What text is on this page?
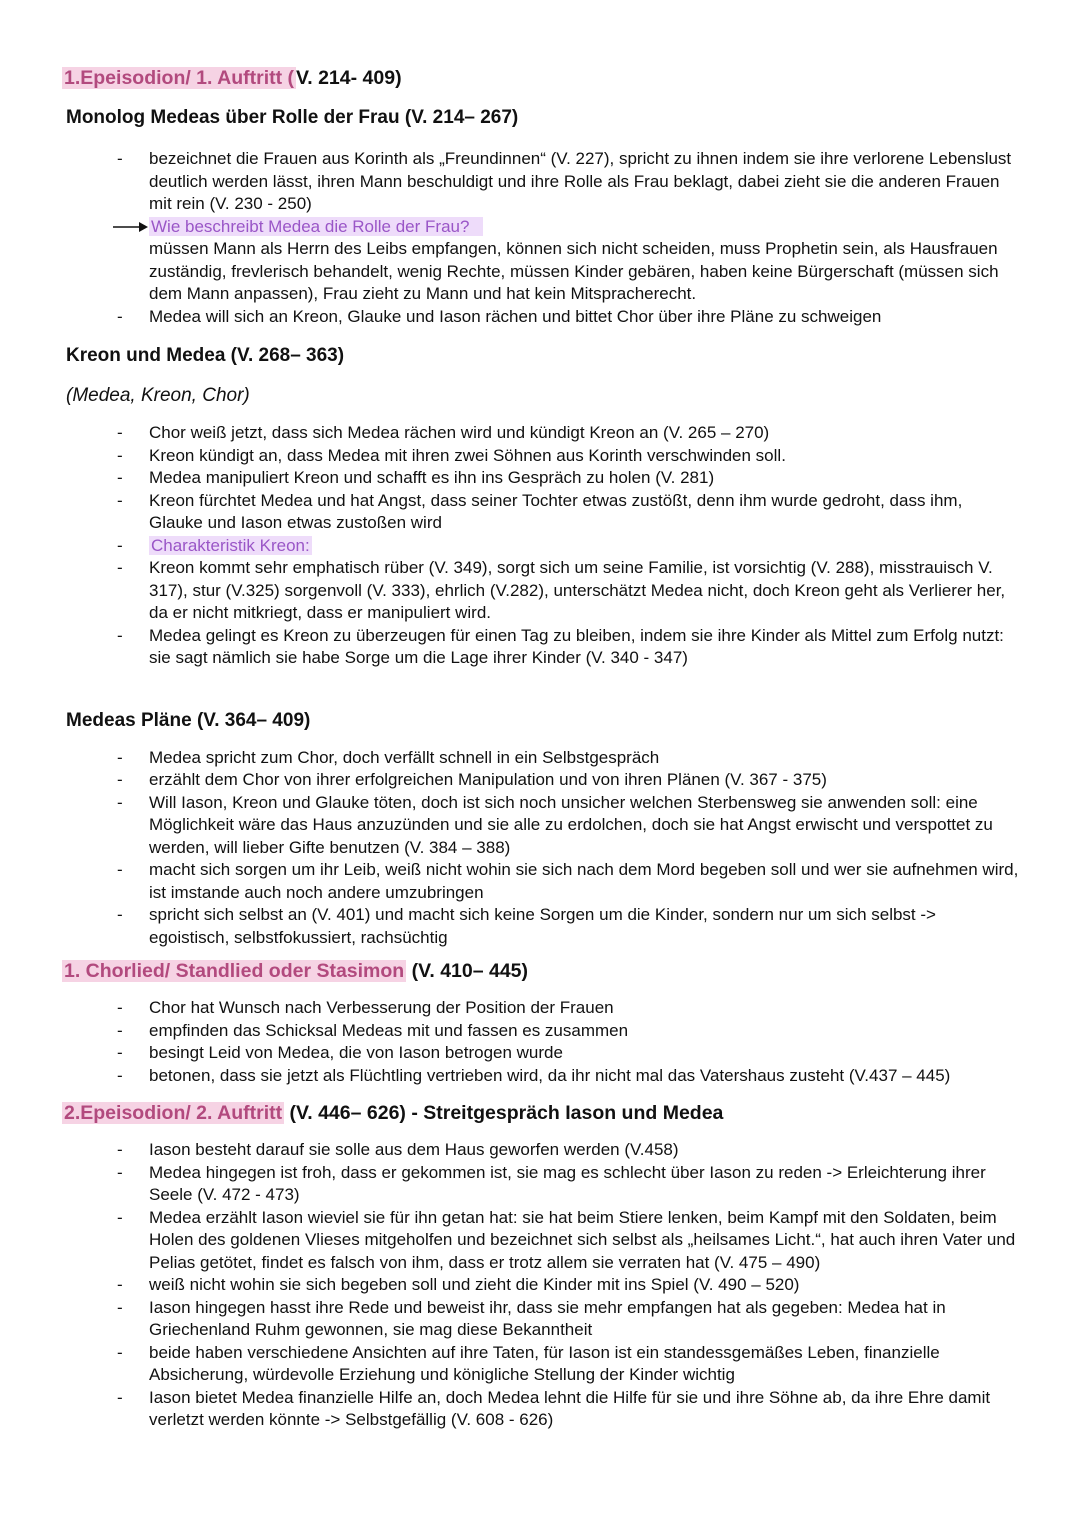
1.Epeisodion/ 1. Auftritt ( V. 214- 409)
Monolog Medeas über Rolle der Frau (V. 214– 267)
- bezeichnet die Frauen aus Korinth als „Freundinnen“ (V. 227), spricht zu ihnen indem sie ihre verlorene Lebenslust deutlich werden lässt, ihren Mann beschuldigt und ihre Rolle als Frau beklagt, dabei zieht sie die anderen Frauen mit rein (V. 230 - 250)
Wie beschreibt Medea die Rolle der Frau?
müssen Mann als Herrn des Leibs empfangen, können sich nicht scheiden, muss Prophetin sein, als Hausfrauen zuständig, frevlerisch behandelt, wenig Rechte, müssen Kinder gebären, haben keine Bürgerschaft (müssen sich dem Mann anpassen), Frau zieht zu Mann und hat kein Mitspracherecht.
- Medea will sich an Kreon, Glauke und Iason rächen und bittet Chor über ihre Pläne zu schweigen
Kreon und Medea (V. 268– 363)
(Medea, Kreon, Chor)
- Chor weiß jetzt, dass sich Medea rächen wird und kündigt Kreon an (V. 265 – 270)
- Kreon kündigt an, dass Medea mit ihren zwei Söhnen aus Korinth verschwinden soll.
- Medea manipuliert Kreon und schafft es ihn ins Gespräch zu holen (V. 281)
- Kreon fürchtet Medea und hat Angst, dass seiner Tochter etwas zustößt, denn ihm wurde gedroht, dass ihm, Glauke und Iason etwas zustoßen wird
- Charakteristik Kreon:
- Kreon kommt sehr emphatisch rüber (V. 349), sorgt sich um seine Familie, ist vorsichtig (V. 288), misstrauisch V. 317), stur (V.325) sorgenvoll (V. 333), ehrlich (V.282), unterschätzt Medea nicht, doch Kreon geht als Verlierer her, da er nicht mitkriegt, dass er manipuliert wird.
- Medea gelingt es Kreon zu überzeugen für einen Tag zu bleiben, indem sie ihre Kinder als Mittel zum Erfolg nutzt: sie sagt nämlich sie habe Sorge um die Lage ihrer Kinder (V. 340 - 347)
Medeas Pläne (V. 364– 409)
- Medea spricht zum Chor, doch verfällt schnell in ein Selbstgespräch
- erzählt dem Chor von ihrer erfolgreichen Manipulation und von ihren Plänen (V. 367 - 375)
- Will Iason, Kreon und Glauke töten, doch ist sich noch unsicher welchen Sterbensweg sie anwenden soll: eine Möglichkeit wäre das Haus anzuzünden und sie alle zu erdolchen, doch sie hat Angst erwischt und verspottet zu werden, will lieber Gifte benutzen (V. 384 – 388)
- macht sich sorgen um ihr Leib, weiß nicht wohin sie sich nach dem Mord begeben soll und wer sie aufnehmen wird, ist imstande auch noch andere umzubringen
- spricht sich selbst an (V. 401) und macht sich keine Sorgen um die Kinder, sondern nur um sich selbst -> egoistisch, selbstfokussiert, rachsüchtig
1. Chorlied/ Standlied oder Stasimon (V. 410– 445)
- Chor hat Wunsch nach Verbesserung der Position der Frauen
- empfinden das Schicksal Medeas mit und fassen es zusammen
- besingt Leid von Medea, die von Iason betrogen wurde
- betonen, dass sie jetzt als Flüchtling vertrieben wird, da ihr nicht mal das Vatershaus zusteht (V.437 – 445)
2.Epeisodion/ 2. Auftritt (V. 446– 626) - Streitgespräch Iason und Medea
- Iason besteht darauf sie solle aus dem Haus geworfen werden (V.458)
- Medea hingegen ist froh, dass er gekommen ist, sie mag es schlecht über Iason zu reden -> Erleichterung ihrer Seele (V. 472 - 473)
- Medea erzählt Iason wieviel sie für ihn getan hat: sie hat beim Stiere lenken, beim Kampf mit den Soldaten, beim Holen des goldenen Vlieses mitgeholfen und bezeichnet sich selbst als „heilsames Licht.“, hat auch ihren Vater und Pelias getötet, findet es falsch von ihm, dass er trotz allem sie verraten hat (V. 475 – 490)
- weiß nicht wohin sie sich begeben soll und zieht die Kinder mit ins Spiel (V. 490 – 520)
- Iason hingegen hasst ihre Rede und beweist ihr, dass sie mehr empfangen hat als gegeben: Medea hat in Griechenland Ruhm gewonnen, sie mag diese Bekanntheit
- beide haben verschiedene Ansichten auf ihre Taten, für Iason ist ein standessgemäßes Leben, finanzielle Absicherung, würdevolle Erziehung und königliche Stellung der Kinder wichtig
- Iason bietet Medea finanzielle Hilfe an, doch Medea lehnt die Hilfe für sie und ihre Söhne ab, da ihre Ehre damit verletzt werden könnte -> Selbstgefällig (V. 608 - 626)
